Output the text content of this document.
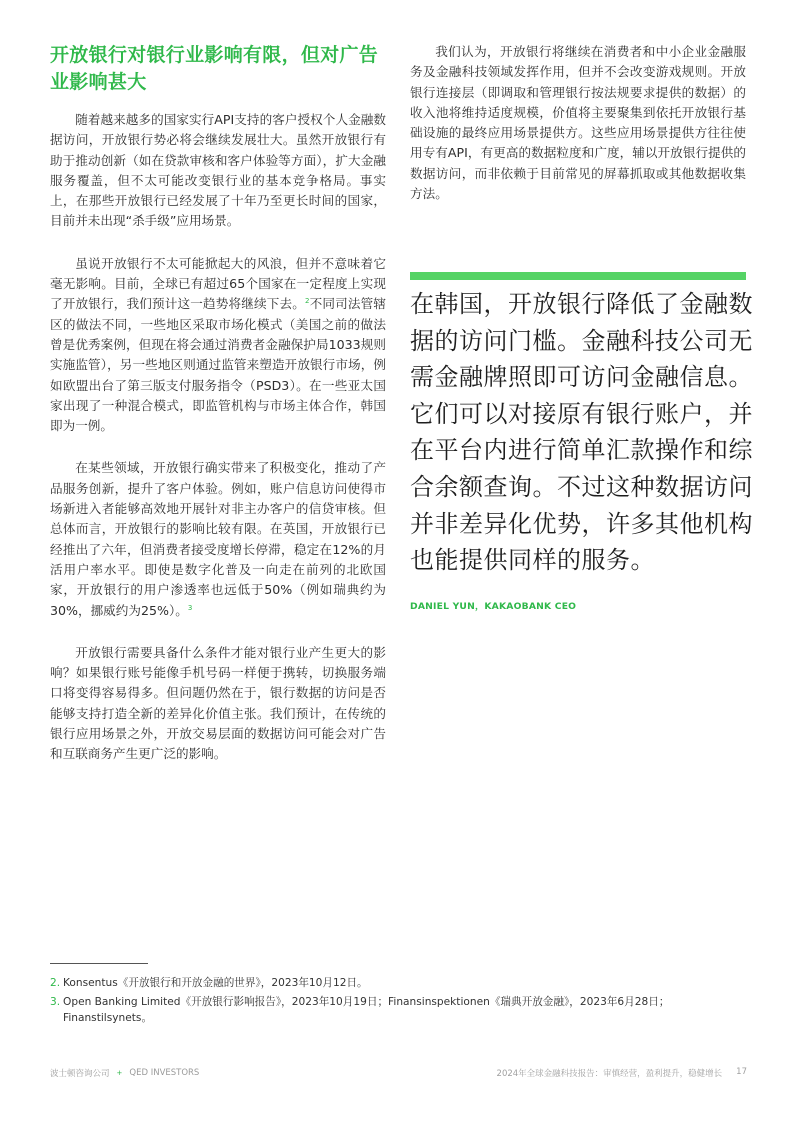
开放银行对银行业影响有限，但对广告业影响甚大

随着越来越多的国家实行API支持的客户授权个人金融数据访问，开放银行势必将会继续发展壮大。虽然开放银行有助于推动创新（如在贷款审核和客户体验等方面），扩大金融服务覆盖，但不太可能改变银行业的基本竞争格局。事实上，在那些开放银行已经发展了十年乃至更长时间的国家，目前并未出现“杀手级”应用场景。

虽说开放银行不太可能掀起大的风浪，但并不意味着它毫无影响。目前，全球已有超过65个国家在一定程度上实现了开放银行，我们预计这一趋势将继续下去。$^2$不同司法管辖区的做法不同，一些地区采取市场化模式（美国之前的做法曾是优秀案例，但现在将会通过消费者金融保护局1033规则实施监管），另一些地区则通过监管来塑造开放银行市场，例如欧盟出台了第三版支付服务指令（PSD3）。在一些亚太国家出现了一种混合模式，即监管机构与市场主体合作，韩国即为一例。

在某些领域，开放银行确实带来了积极变化，推动了产品服务创新，提升了客户体验。例如，账户信息访问使得市场新进入者能够高效地开展针对非主办客户的信贷审核。但总体而言，开放银行的影响比较有限。在英国，开放银行已经推出了六年，但消费者接受度增长停滞，稳定在12%的月活用户率水平。即使是数字化普及一向走在前列的北欧国家，开放银行的用户渗透率也远低于50%（例如瑞典约为30%，挪威约为25%）。$^3$

开放银行需要具备什么条件才能对银行业产生更大的影响？如果银行账号能像手机号码一样便于携转，切换服务端口将变得容易得多。但问题仍然在于，银行数据的访问是否能够支持打造全新的差异化价值主张。我们预计，在传统的银行应用场景之外，开放交易层面的数据访问可能会对广告和互联商务产生更广泛的影响。

我们认为，开放银行将继续在消费者和中小企业金融服务及金融科技领域发挥作用，但并不会改变游戏规则。开放银行连接层（即调取和管理银行按法规要求提供的数据）的收入池将维持适度规模，价值将主要聚集到依托开放银行基础设施的最终应用场景提供方。这些应用场景提供方往往使用专有API，有更高的数据粒度和广度，辅以开放银行提供的数据访问，而非依赖于目前常见的屏幕抓取或其他数据收集方法。

在韩国，开放银行降低了金融数据的访问门槛。金融科技公司无需金融牌照即可访问金融信息。它们可以对接原有银行账户，并在平台内进行简单汇款操作和综合余额查询。不过这种数据访问并非差异化优势，许多其他机构也能提供同样的服务。

DANIEL YUN，KAKAOBANK CEO

2. Konsentus《开放银行和开放金融的世界》，2023年10月12日。
3. Open Banking Limited《开放银行影响报告》，2023年10月19日；Finansinspektionen《瑞典开放金融》，2023年6月28日；Finanstilsynets。
波士顿咨询公司 + QED INVESTORS	2024年全球金融科技报告：审慎经营，盈利提升，稳健增长 17
